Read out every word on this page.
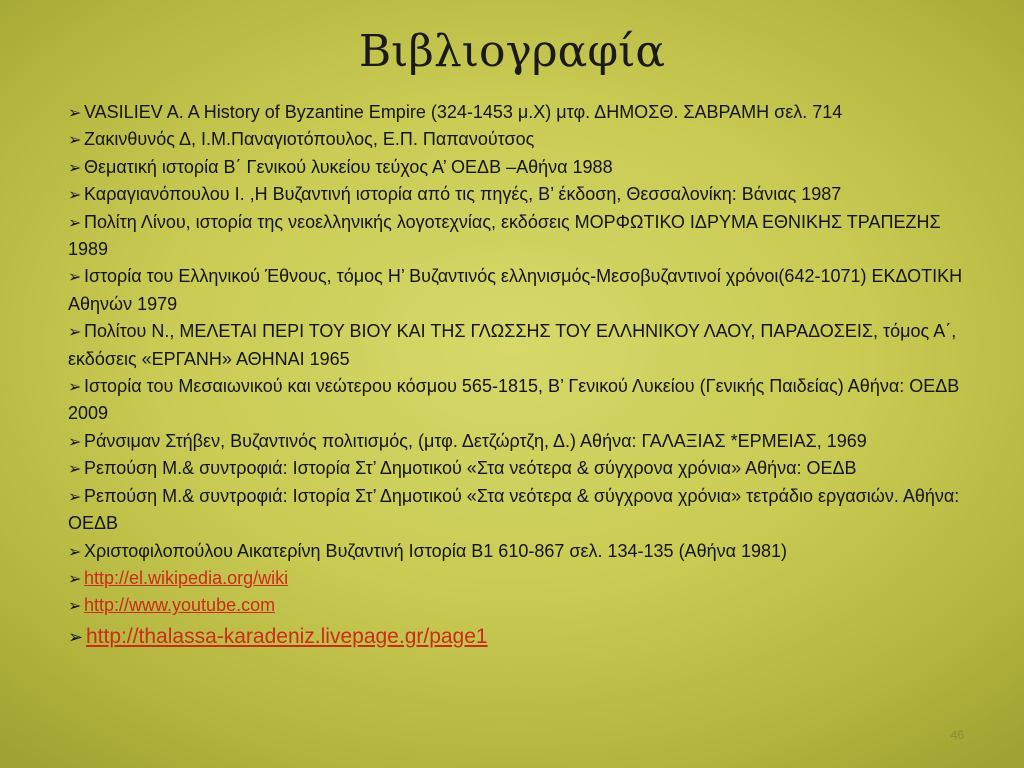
Βιβλιογραφία
➢ VASILIEV A. A History of Byzantine Empire (324-1453 μ.Χ) μτφ. ΔΗΜΟΣΘ. ΣΑΒΡΑΜΗ σελ. 714
➢ Ζακινθυνός Δ, Ι.Μ.Παναγιοτόπουλος, Ε.Π. Παπανούτσος
➢ Θεματική ιστορία Β΄ Γενικού λυκείου τεύχος Α’ ΟΕΔΒ –Αθήνα 1988
➢ Καραγιανόπουλου Ι. ,Η Βυζαντινή ιστορία από τις πηγές, Β’ έκδοση, Θεσσαλονίκη: Βάνιας 1987
➢ Πολίτη Λίνου, ιστορία της νεοελληνικής λογοτεχνίας, εκδόσεις ΜΟΡΦΩΤΙΚΟ ΙΔΡΥΜΑ ΕΘΝΙΚΗΣ ΤΡΑΠΕΖΗΣ 1989
➢ Ιστορία του Ελληνικού Έθνους, τόμος Η’ Βυζαντινός ελληνισμός-Μεσοβυζαντινοί χρόνοι(642-1071) ΕΚΔΟΤΙΚΗ Αθηνών 1979
➢ Πολίτου Ν., ΜΕΛΕΤΑΙ ΠΕΡΙ ΤΟΥ ΒΙΟΥ ΚΑΙ ΤΗΣ ΓΛΩΣΣΗΣ ΤΟΥ ΕΛΛΗΝΙΚΟΥ ΛΑΟΥ, ΠΑΡΑΔΟΣΕΙΣ, τόμος Α΄, εκδόσεις «ΕΡΓΑΝΗ» ΑΘΗΝΑΙ 1965
➢ Ιστορία του Μεσαιωνικού και νεώτερου κόσμου 565-1815, Β’ Γενικού Λυκείου (Γενικής Παιδείας) Αθήνα: ΟΕΔΒ 2009
➢ Ράνσιμαν Στήβεν, Βυζαντινός πολιτισμός, (μτφ. Δετζώρτζη, Δ.) Αθήνα: ΓΑΛΑΞΙΑΣ *ΕΡΜΕΙΑΣ, 1969
➢ Ρεπούση Μ.& συντροφιά: Ιστορία Στ’ Δημοτικού «Στα νεότερα & σύγχρονα χρόνια» Αθήνα: ΟΕΔΒ
➢ Ρεπούση Μ.& συντροφιά: Ιστορία Στ’ Δημοτικού «Στα νεότερα & σύγχρονα χρόνια» τετράδιο εργασιών. Αθήνα: ΟΕΔΒ
➢ Χριστοφιλοπούλου Αικατερίνη Βυζαντινή Ιστορία Β1 610-867 σελ. 134-135 (Αθήνα 1981)
➢ http://el.wikipedia.org/wiki
➢ http://www.youtube.com
➢ http://thalassa-karadeniz.livepage.gr/page1
46
